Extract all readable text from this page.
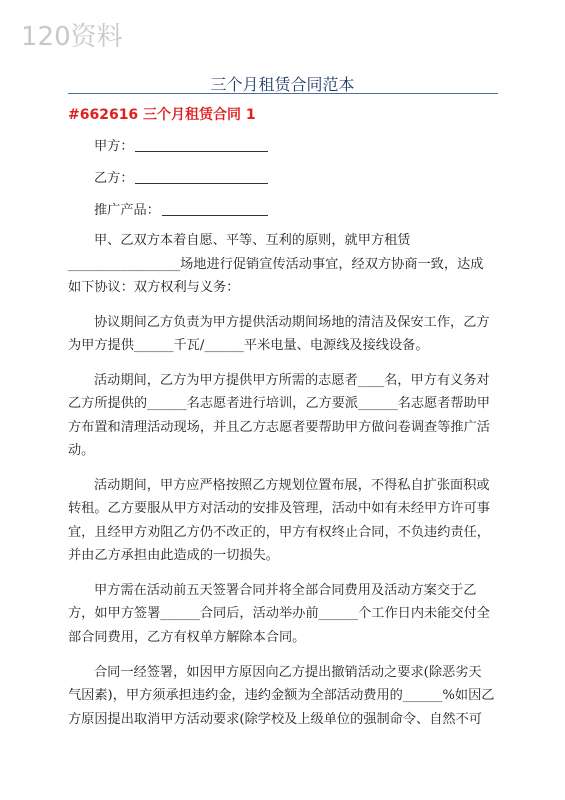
120资料
三个月租赁合同范本
#662616 三个月租赁合同 1
甲方：
乙方：
推广产品：
甲、乙双方本着自愿、平等、互利的原则，就甲方租赁
_________________场地进行促销宣传活动事宜，经双方协商一致，达成
如下协议：双方权利与义务：
协议期间乙方负责为甲方提供活动期间场地的清洁及保安工作，乙方
为甲方提供______千瓦/______平米电量、电源线及接线设备。
活动期间，乙方为甲方提供甲方所需的志愿者____名，甲方有义务对
乙方所提供的______名志愿者进行培训，乙方要派______名志愿者帮助甲
方布置和清理活动现场，并且乙方志愿者要帮助甲方做问卷调查等推广活
动。
活动期间，甲方应严格按照乙方规划位置布展，不得私自扩张面积或
转租。乙方要服从甲方对活动的安排及管理，活动中如有未经甲方许可事
宜，且经甲方劝阻乙方仍不改正的，甲方有权终止合同，不负违约责任，
并由乙方承担由此造成的一切损失。
甲方需在活动前五天签署合同并将全部合同费用及活动方案交于乙
方，如甲方签署______合同后，活动举办前______个工作日内未能交付全
部合同费用，乙方有权单方解除本合同。
合同一经签署，如因甲方原因向乙方提出撤销活动之要求(除恶劣天
气因素)，甲方须承担违约金，违约金额为全部活动费用的______%如因乙
方原因提出取消甲方活动要求(除学校及上级单位的强制命令、自然不可
